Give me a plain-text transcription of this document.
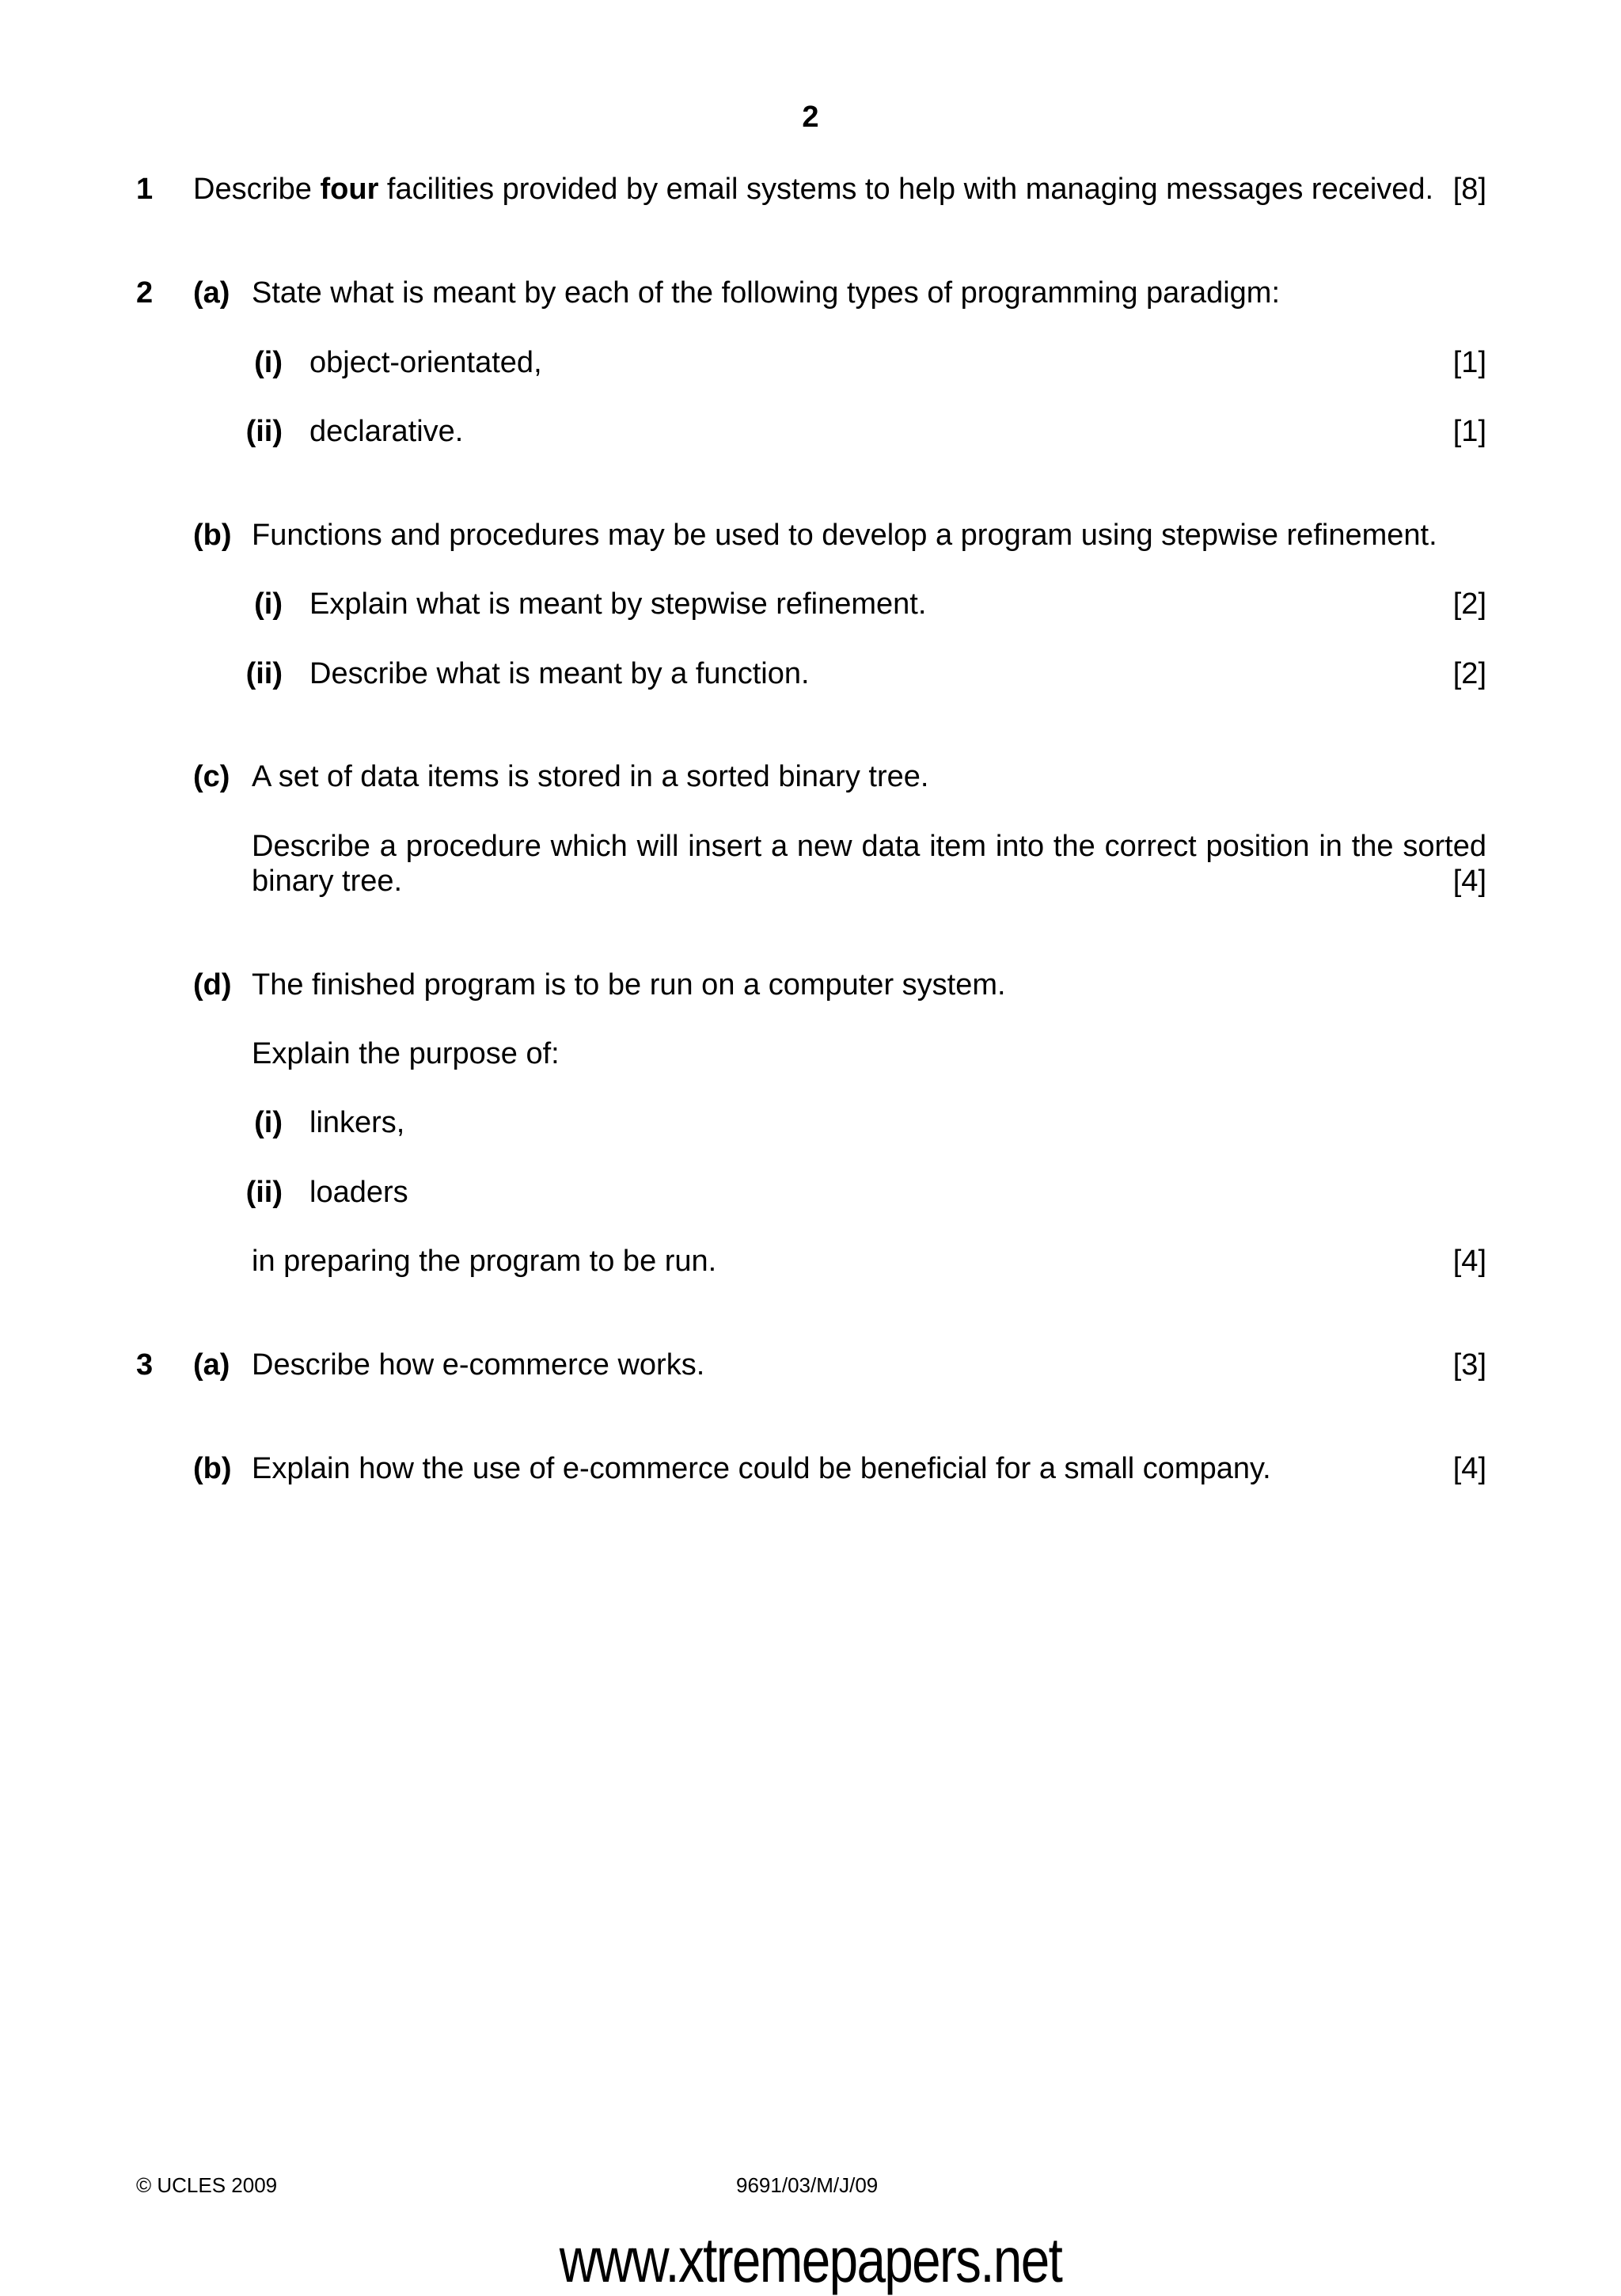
2
1 Describe four facilities provided by email systems to help with managing messages received. [8]
2 (a) State what is meant by each of the following types of programming paradigm:
(i) object-orientated,	[1]
(ii) declarative.	[1]
(b) Functions and procedures may be used to develop a program using stepwise refinement.
(i) Explain what is meant by stepwise refinement.	[2]
(ii) Describe what is meant by a function.	[2]
(c) A set of data items is stored in a sorted binary tree.
Describe a procedure which will insert a new data item into the correct position in the sorted
binary tree.	[4]
(d) The finished program is to be run on a computer system.
Explain the purpose of:
(i) linkers,
(ii) loaders
in preparing the program to be run.	[4]
3 (a) Describe how e-commerce works.	[3]
(b) Explain how the use of e-commerce could be beneficial for a small company.	[4]
© UCLES 2009	9691/03/M/J/09
www.xtremepapers.net
